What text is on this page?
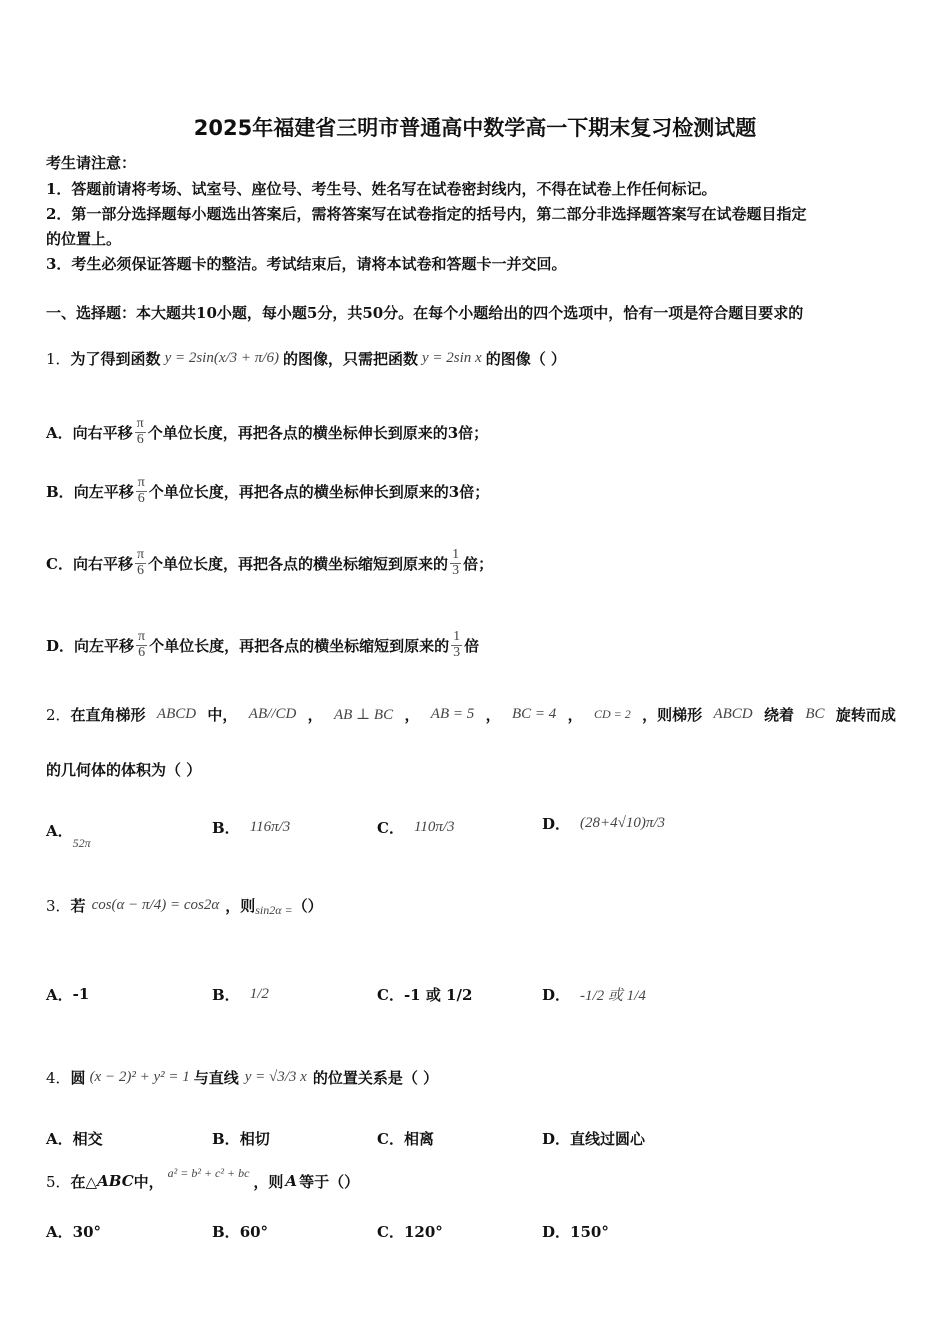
2025年福建省三明市普通高中数学高一下期末复习检测试题
考生请注意：
1．答题前请将考场、试室号、座位号、考生号、姓名写在试卷密封线内，不得在试卷上作任何标记。
2．第一部分选择题每小题选出答案后，需将答案写在试卷指定的括号内，第二部分非选择题答案写在试卷题目指定
的位置上。
3．考生必须保证答题卡的整洁。考试结束后，请将本试卷和答题卡一并交回。
一、选择题：本大题共10小题，每小题5分，共50分。在每个小题给出的四个选项中，恰有一项是符合题目要求的
1． 为了得到函数 y = 2sin(x/3 + π/6) 的图像，只需把函数 y = 2sin x 的图像（ ）
A． 向右平移 $\frac{\pi}{6}$ 个单位长度，再把各点的横坐标伸长到原来的3倍；
B． 向左平移 $\frac{\pi}{6}$ 个单位长度，再把各点的横坐标伸长到原来的3倍；
C． 向右平移 $\frac{\pi}{6}$ 个单位长度，再把各点的横坐标缩短到原来的 $\frac{1}{3}$ 倍；
D． 向左平移 $\frac{\pi}{6}$ 个单位长度，再把各点的横坐标缩短到原来的 $\frac{1}{3}$ 倍
2．在直角梯形 ABCD 中， AB//CD ， AB ⊥ BC ， AB = 5 ， BC = 4 ， CD = 2 ，则梯形 ABCD 绕着 BC 旋转而成
的几何体的体积为（ ）
A．
52π
B． 116π/3	C． 110π/3	D． (28+4√10)π/3
3． 若 cos(α − π/4) = cos2α ，则 sin2α = （）
A． -1	B． 1/2	C． -1 或 1/2	D． -1/2 或 1/4
4． 圆 (x − 2)² + y² = 1 与直线 y = √3/3 x 的位置关系是（ ）
A．相交	B．相切	C．相离	D．直线过圆心
5． 在△ ABC 中， a² = b² + c² + bc ，则 A 等于（）
A．30°	B．60°	C．120°	D．150°
